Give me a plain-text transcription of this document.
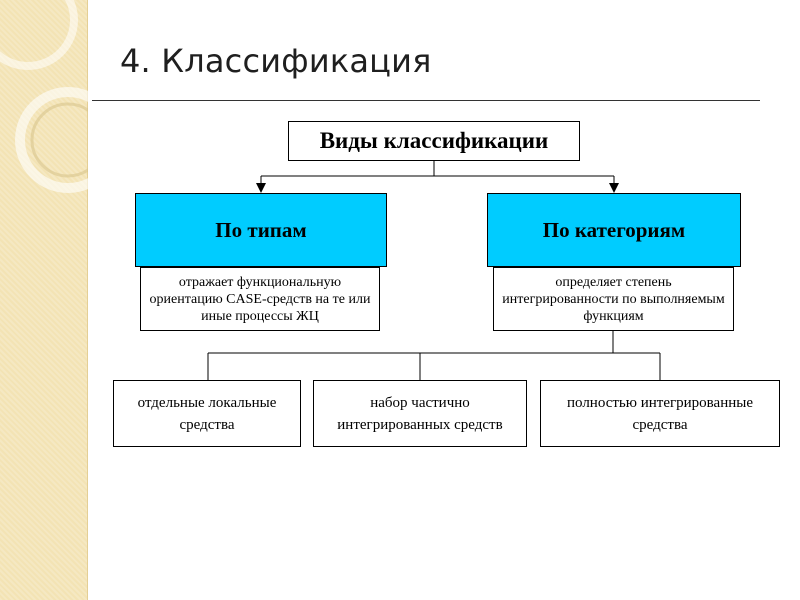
4. Классификация
Виды классификации
По типам	По категориям
отражает функциональную ориентацию CASE-средств на те или иные процессы ЖЦ
определяет степень интегрированности по выполняемым функциям
отдельные локальные средства
набор частично интегрированных средств
полностью интегрированные средства
